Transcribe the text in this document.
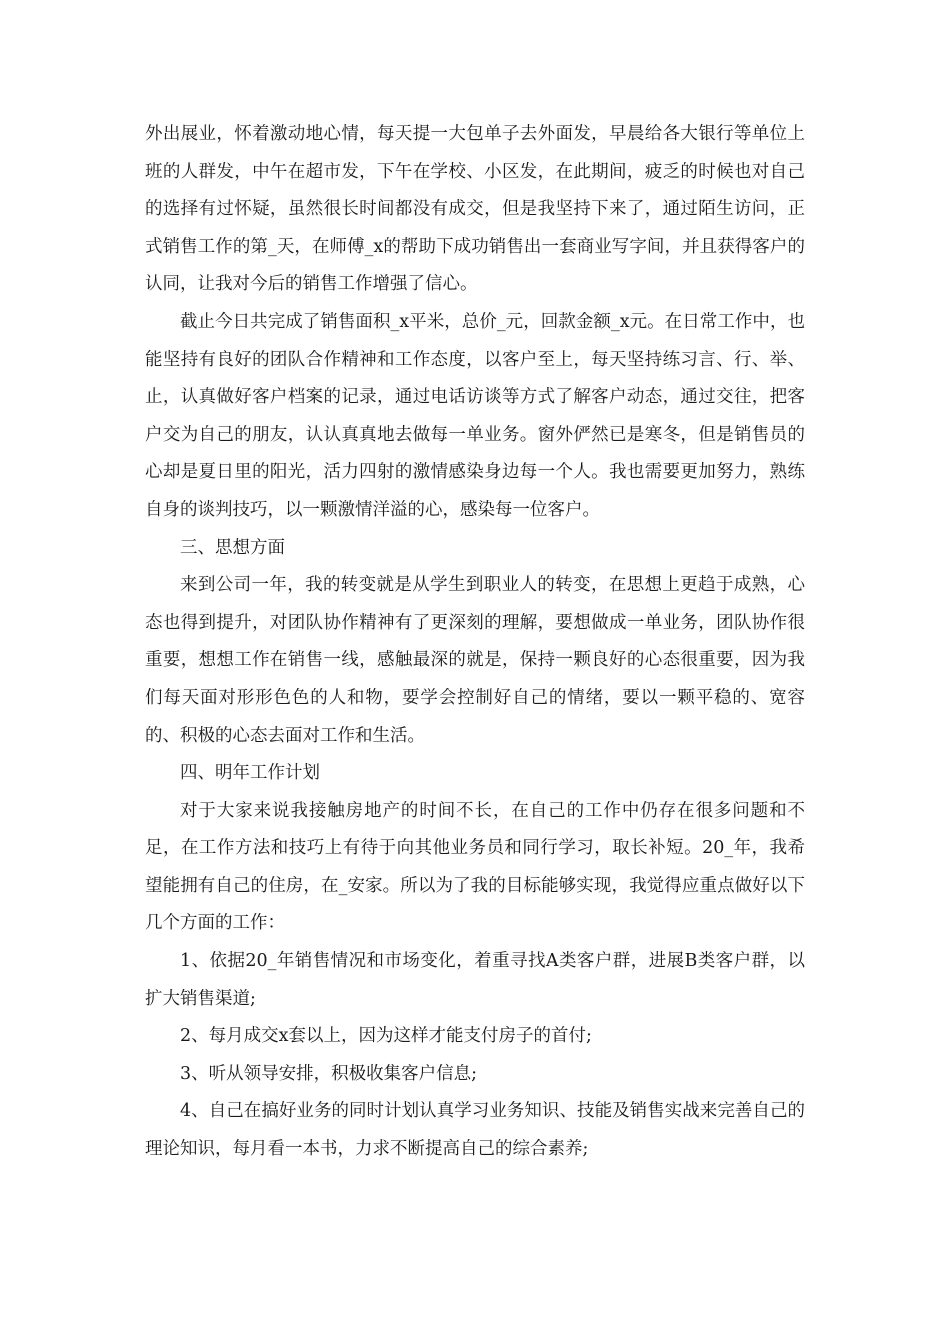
外出展业，怀着激动地心情，每天提一大包单子去外面发，早晨给各大银行等单位上班的人群发，中午在超市发，下午在学校、小区发，在此期间，疲乏的时候也对自己的选择有过怀疑，虽然很长时间都没有成交，但是我坚持下来了，通过陌生访问，正式销售工作的第_天，在师傅_x的帮助下成功销售出一套商业写字间，并且获得客户的认同，让我对今后的销售工作增强了信心。

截止今日共完成了销售面积_x平米，总价_元，回款金额_x元。在日常工作中，也能坚持有良好的团队合作精神和工作态度，以客户至上，每天坚持练习言、行、举、止，认真做好客户档案的记录，通过电话访谈等方式了解客户动态，通过交往，把客户交为自己的朋友，认认真真地去做每一单业务。窗外俨然已是寒冬，但是销售员的心却是夏日里的阳光，活力四射的激情感染身边每一个人。我也需要更加努力，熟练自身的谈判技巧，以一颗激情洋溢的心，感染每一位客户。

三、思想方面

来到公司一年，我的转变就是从学生到职业人的转变，在思想上更趋于成熟，心态也得到提升，对团队协作精神有了更深刻的理解，要想做成一单业务，团队协作很重要，想想工作在销售一线，感触最深的就是，保持一颗良好的心态很重要，因为我们每天面对形形色色的人和物，要学会控制好自己的情绪，要以一颗平稳的、宽容的、积极的心态去面对工作和生活。

四、明年工作计划

对于大家来说我接触房地产的时间不长，在自己的工作中仍存在很多问题和不足，在工作方法和技巧上有待于向其他业务员和同行学习，取长补短。20_年，我希望能拥有自己的住房，在_安家。所以为了我的目标能够实现，我觉得应重点做好以下几个方面的工作：

1、依据20_年销售情况和市场变化，着重寻找A类客户群，进展B类客户群，以扩大销售渠道;

2、每月成交x套以上，因为这样才能支付房子的首付;

3、听从领导安排，积极收集客户信息;

4、自己在搞好业务的同时计划认真学习业务知识、技能及销售实战来完善自己的理论知识，每月看一本书，力求不断提高自己的综合素养;
